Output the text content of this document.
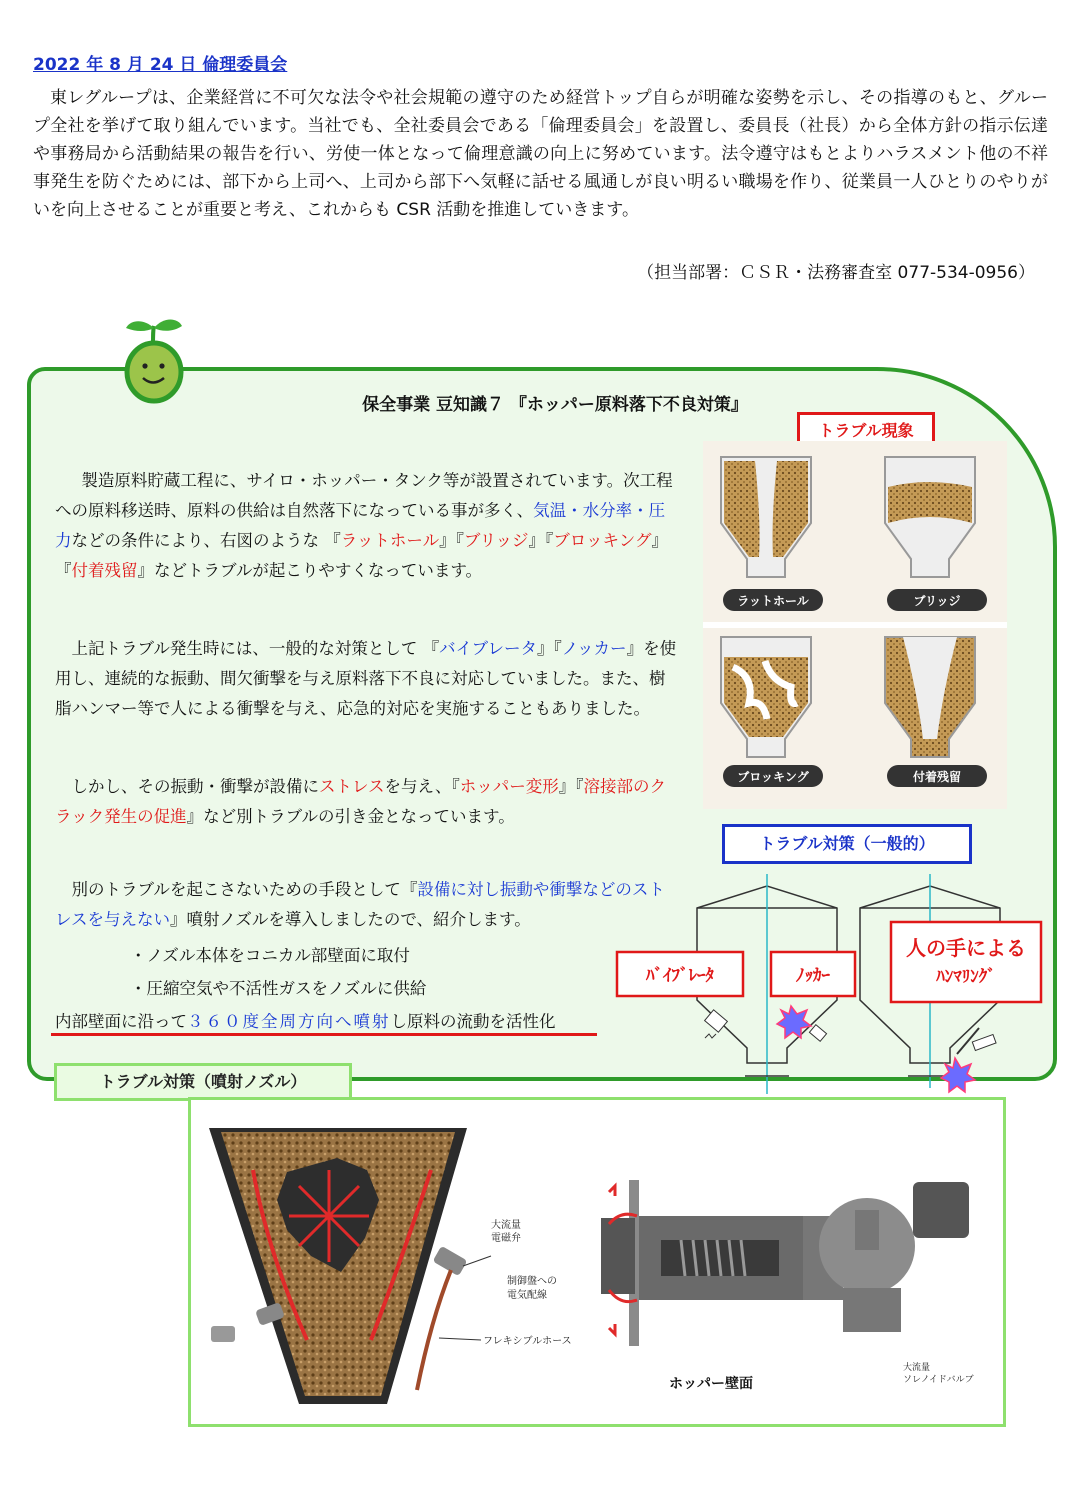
2022 年 8 月 24 日 倫理委員会
東レグループは、企業経営に不可欠な法令や社会規範の遵守のため経営トップ自らが明確な姿勢を示し、その指導のもと、グループ全社を挙げて取り組んでいます。当社でも、全社委員会である「倫理委員会」を設置し、委員長（社長）から全体方針の指示伝達や事務局から活動結果の報告を行い、労使一体となって倫理意識の向上に努めています。法令遵守はもとよりハラスメント他の不祥事発生を防ぐためには、部下から上司へ、上司から部下へ気軽に話せる風通しが良い明るい職場を作り、従業員一人ひとりのやりがいを向上させることが重要と考え、これからも CSR 活動を推進していきます。
（担当部署：ＣＳＲ・法務審査室 077-534-0956）
保全事業 豆知識７ 『ホッパー原料落下不良対策』
製造原料貯蔵工程に、サイロ・ホッパー・タンク等が設置されています。次工程への原料移送時、原料の供給は自然落下になっている事が多く、気温・水分率・圧力などの条件により、右図のような 『ラットホール』『ブリッジ』『ブロッキング』『付着残留』などトラブルが起こりやすくなっています。
上記トラブル発生時には、一般的な対策として 『バイブレータ』『ノッカー』を使用し、連続的な振動、間欠衝撃を与え原料落下不良に対応していました。また、樹脂ハンマー等で人による衝撃を与え、応急的対応を実施することもありました。
しかし、その振動・衝撃が設備にストレスを与え、『ホッパー変形』『溶接部のクラック発生の促進』など別トラブルの引き金となっています。
別のトラブルを起こさないための手段として『設備に対し振動や衝撃などのストレスを与えない』噴射ノズルを導入しましたので、紹介します。
・ノズル本体をコニカル部壁面に取付
・圧縮空気や不活性ガスをノズルに供給
内部壁面に沿って３６０度全周方向へ噴射し原料の流動を活性化
トラブル現象
ラットホール	ブリッジ
ブロッキング	付着残留
トラブル対策（一般的）
ﾊﾞｲﾌﾞﾚｰﾀ	ﾉｯｶｰ
人の手による
ﾊﾝﾏﾘﾝｸﾞ
トラブル対策（噴射ノズル）
大流量
電磁弁
制御盤への
電気配線
フレキシブルホース
ホッパー壁面
大流量
ソレノイドバルブ
